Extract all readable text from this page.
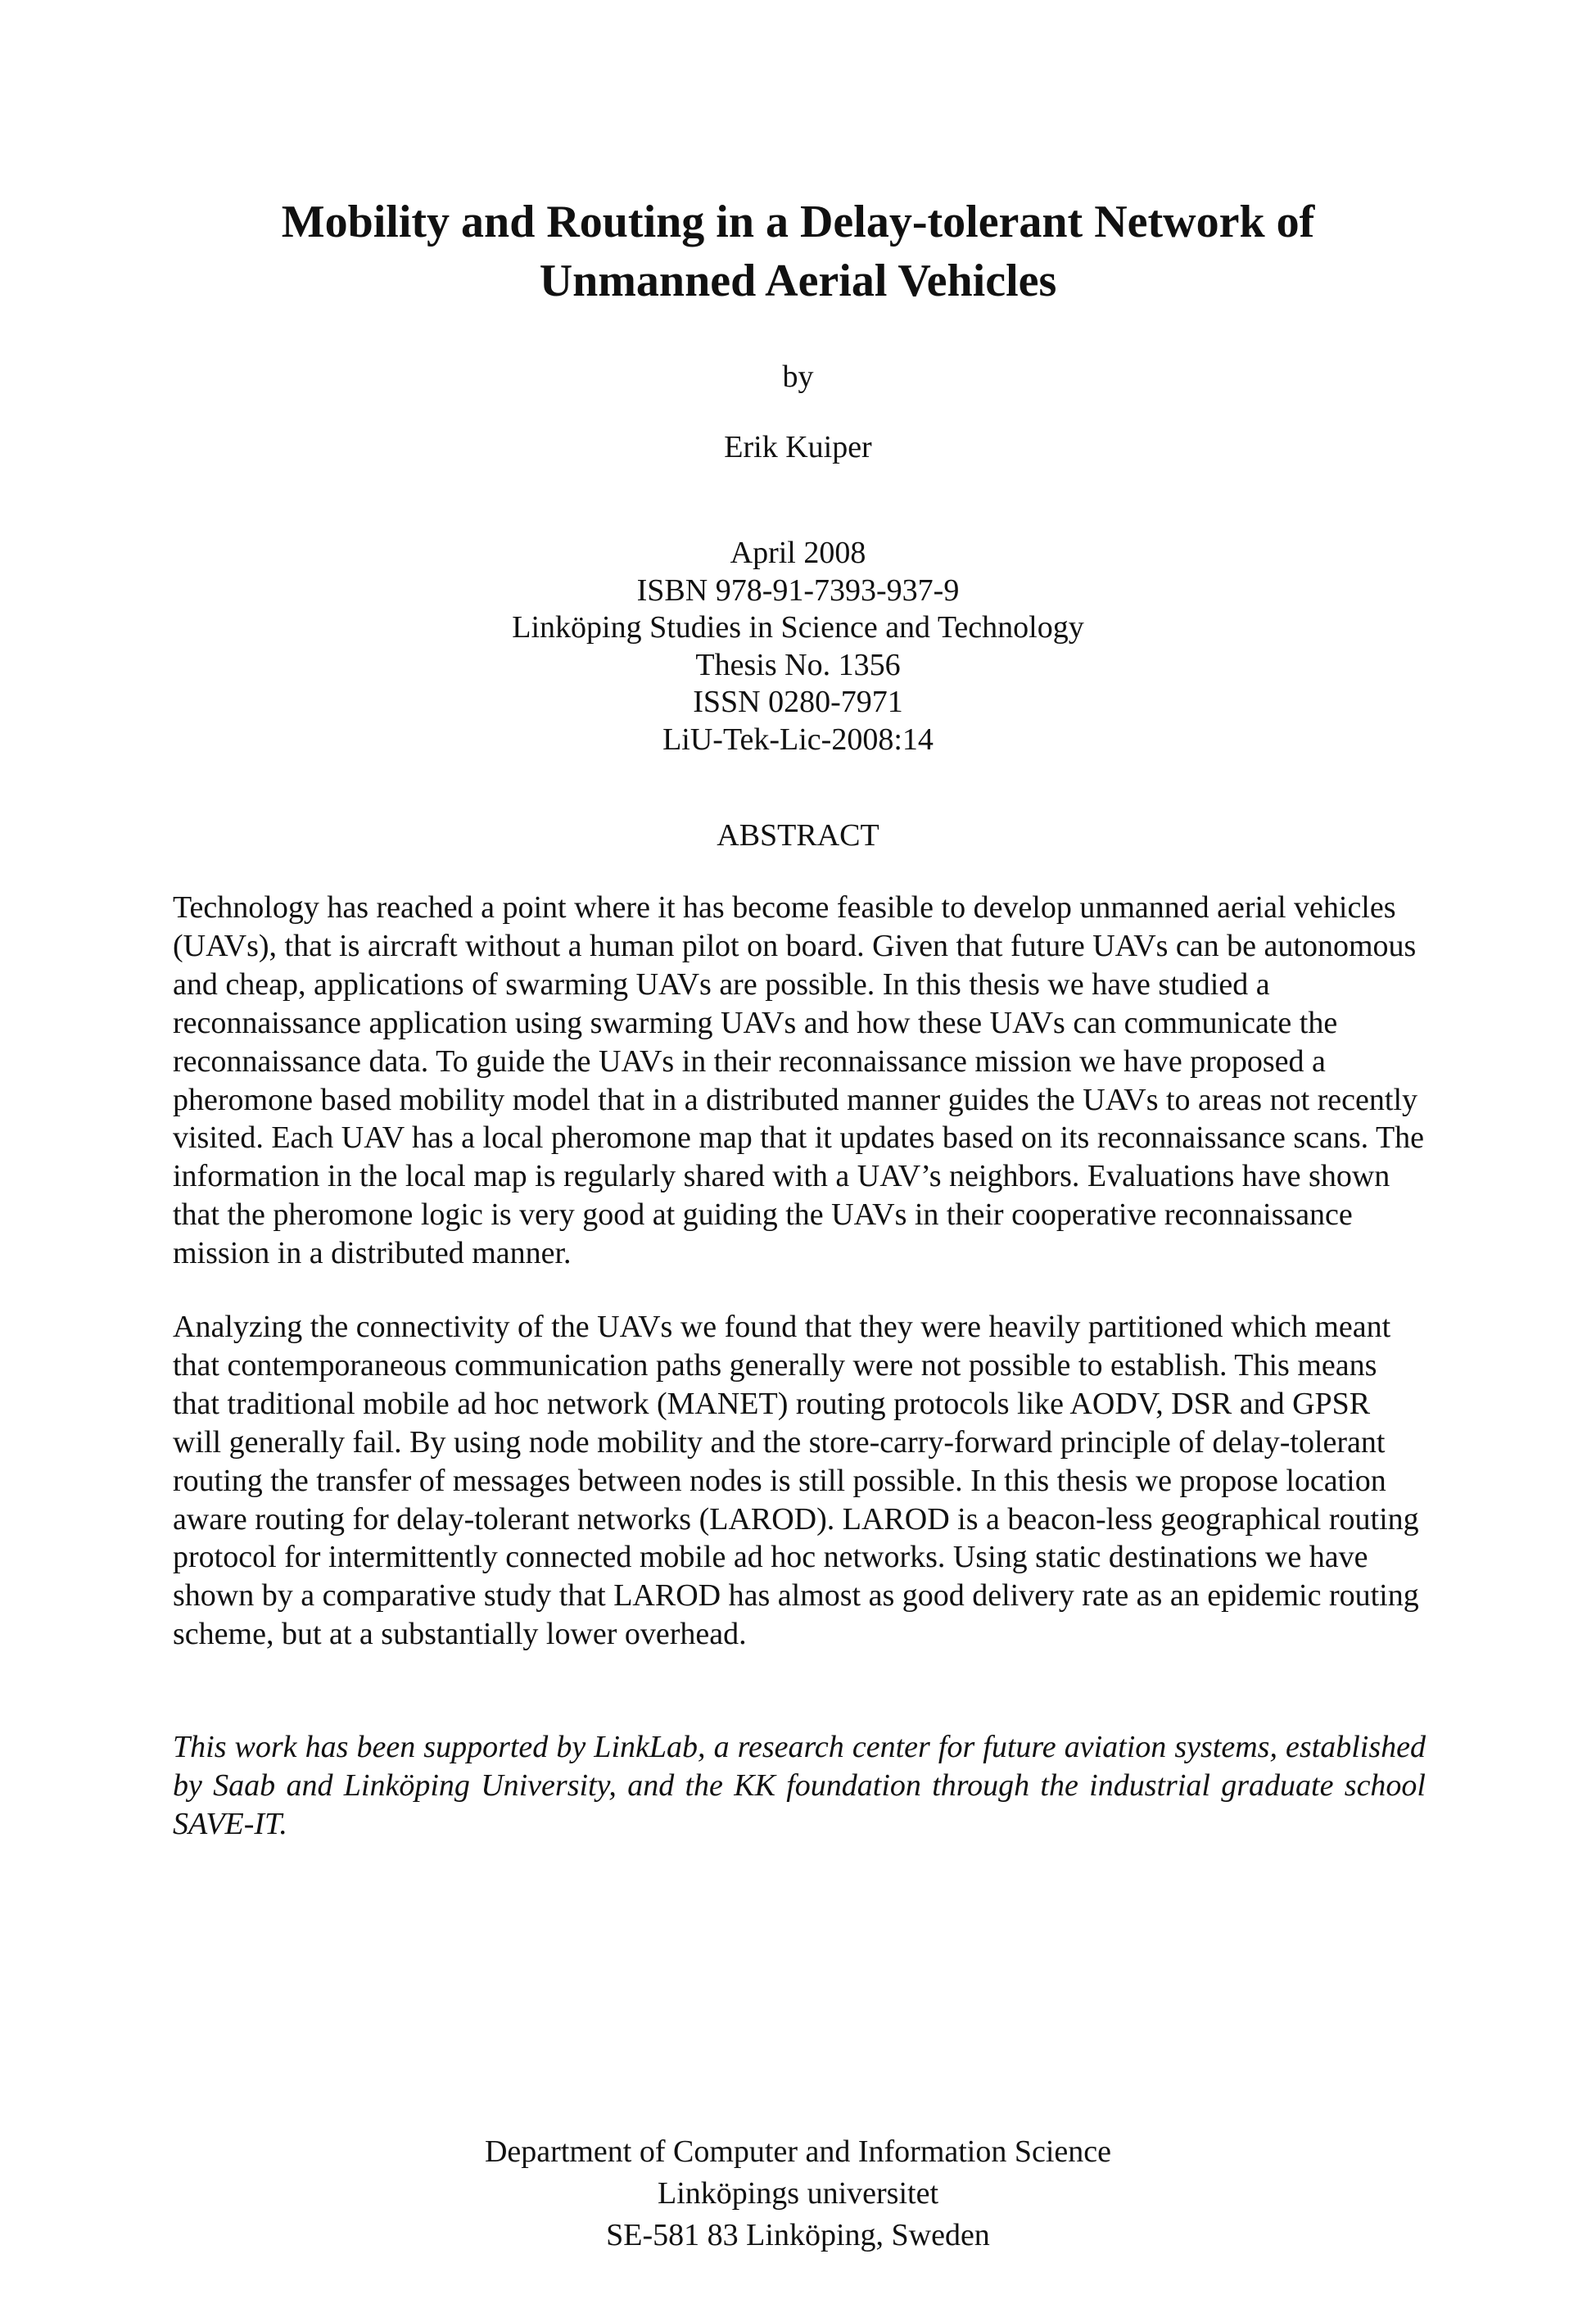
Mobility and Routing in a Delay-tolerant Network of
Unmanned Aerial Vehicles

by

Erik Kuiper

April 2008
ISBN 978-91-7393-937-9
Linköping Studies in Science and Technology
Thesis No. 1356
ISSN 0280-7971
LiU-Tek-Lic-2008:14

ABSTRACT

Technology has reached a point where it has become feasible to develop unmanned aerial vehicles (UAVs), that is aircraft without a human pilot on board. Given that future UAVs can be autonomous and cheap, applications of swarming UAVs are possible. In this thesis we have studied a reconnaissance application using swarming UAVs and how these UAVs can communicate the reconnaissance data. To guide the UAVs in their reconnaissance mission we have proposed a pheromone based mobility model that in a distributed manner guides the UAVs to areas not recently visited. Each UAV has a local pheromone map that it updates based on its reconnaissance scans. The information in the local map is regularly shared with a UAV’s neighbors. Evaluations have shown that the pheromone logic is very good at guiding the UAVs in their cooperative reconnaissance mission in a distributed manner.

Analyzing the connectivity of the UAVs we found that they were heavily partitioned which meant that contemporaneous communication paths generally were not possible to establish. This means that traditional mobile ad hoc network (MANET) routing protocols like AODV, DSR and GPSR will generally fail. By using node mobility and the store-carry-forward principle of delay-tolerant routing the transfer of messages between nodes is still possible. In this thesis we propose location aware routing for delay-tolerant networks (LAROD). LAROD is a beacon-less geographical routing protocol for intermittently connected mobile ad hoc networks. Using static destinations we have shown by a comparative study that LAROD has almost as good delivery rate as an epidemic routing scheme, but at a substantially lower overhead.

This work has been supported by LinkLab, a research center for future aviation systems, established by Saab and Linköping University, and the KK foundation through the industrial graduate school SAVE-IT.

Department of Computer and Information Science
Linköpings universitet
SE-581 83 Linköping, Sweden
